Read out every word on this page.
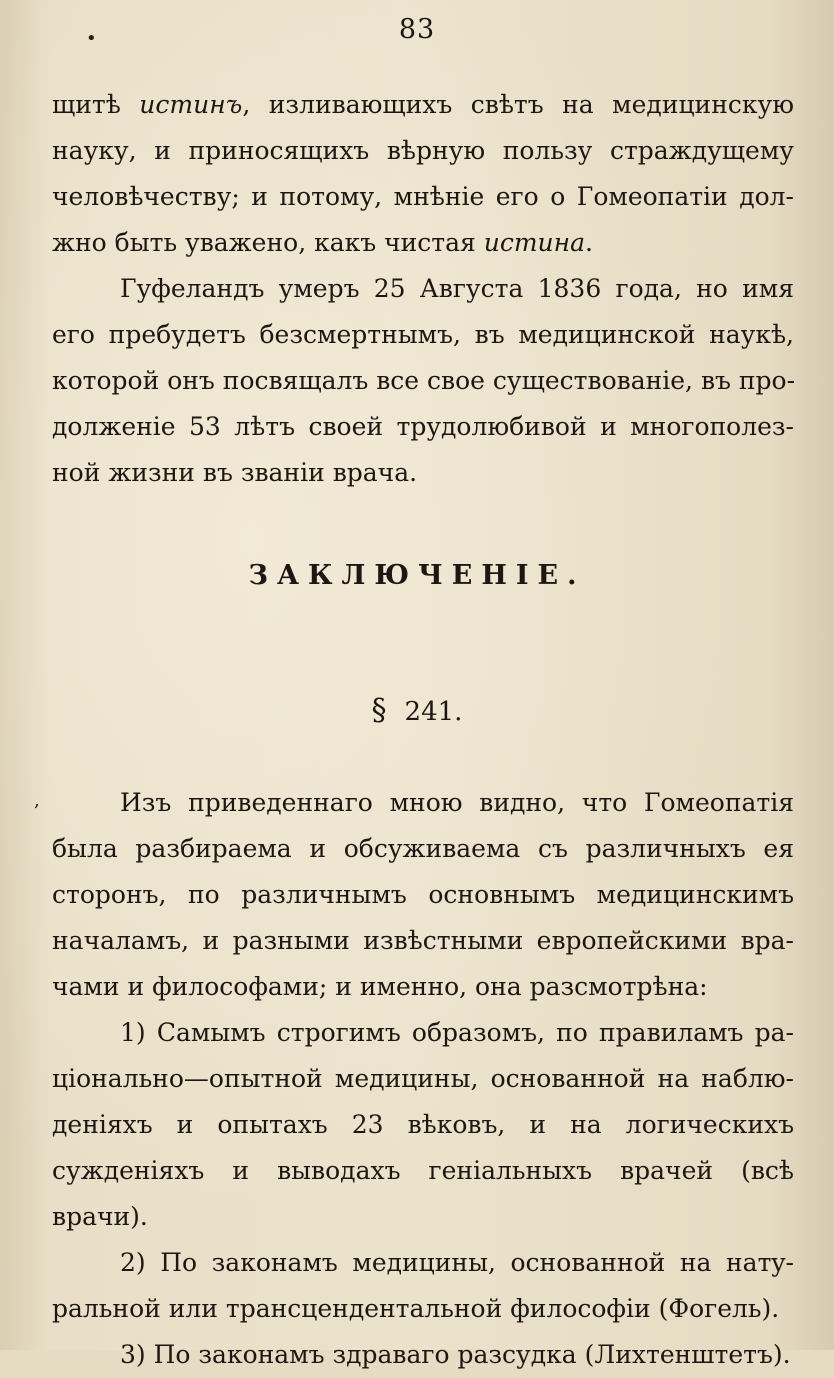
•
,
83
щитѣ истинъ, изливающихъ свѣтъ на медицинскую
науку, и приносящихъ вѣрную пользу страждущему
человѣчеству; и потому, мнѣніе его о Гомеопатіи дол-
жно быть уважено, какъ чистая истина.
Гуфеландъ умеръ 25 Августа 1836 года, но имя
его пребудетъ безсмертнымъ, въ медицинской наукѣ,
которой онъ посвящалъ все свое существованіе, въ про-
долженіе 53 лѣтъ своей трудолюбивой и многополез-
ной жизни въ званіи врача.
ЗАКЛЮЧЕНІЕ.
§ 241.
Изъ приведеннаго мною видно, что Гомеопатія
была разбираема и обсуживаема съ различныхъ ея
сторонъ, по различнымъ основнымъ медицинскимъ
началамъ, и разными извѣстными европейскими вра-
чами и философами; и именно, она разсмотрѣна:
1) Самымъ строгимъ образомъ, по правиламъ ра-
ціонально—опытной медицины, основанной на наблю-
деніяхъ и опытахъ 23 вѣковъ, и на логическихъ
сужденіяхъ и выводахъ геніальныхъ врачей (всѣ
врачи).
2) По законамъ медицины, основанной на натy-
ральной или трансцендентальной философіи (Фогель).
3) По законамъ здраваго разсудка (Лихтенштетъ).
